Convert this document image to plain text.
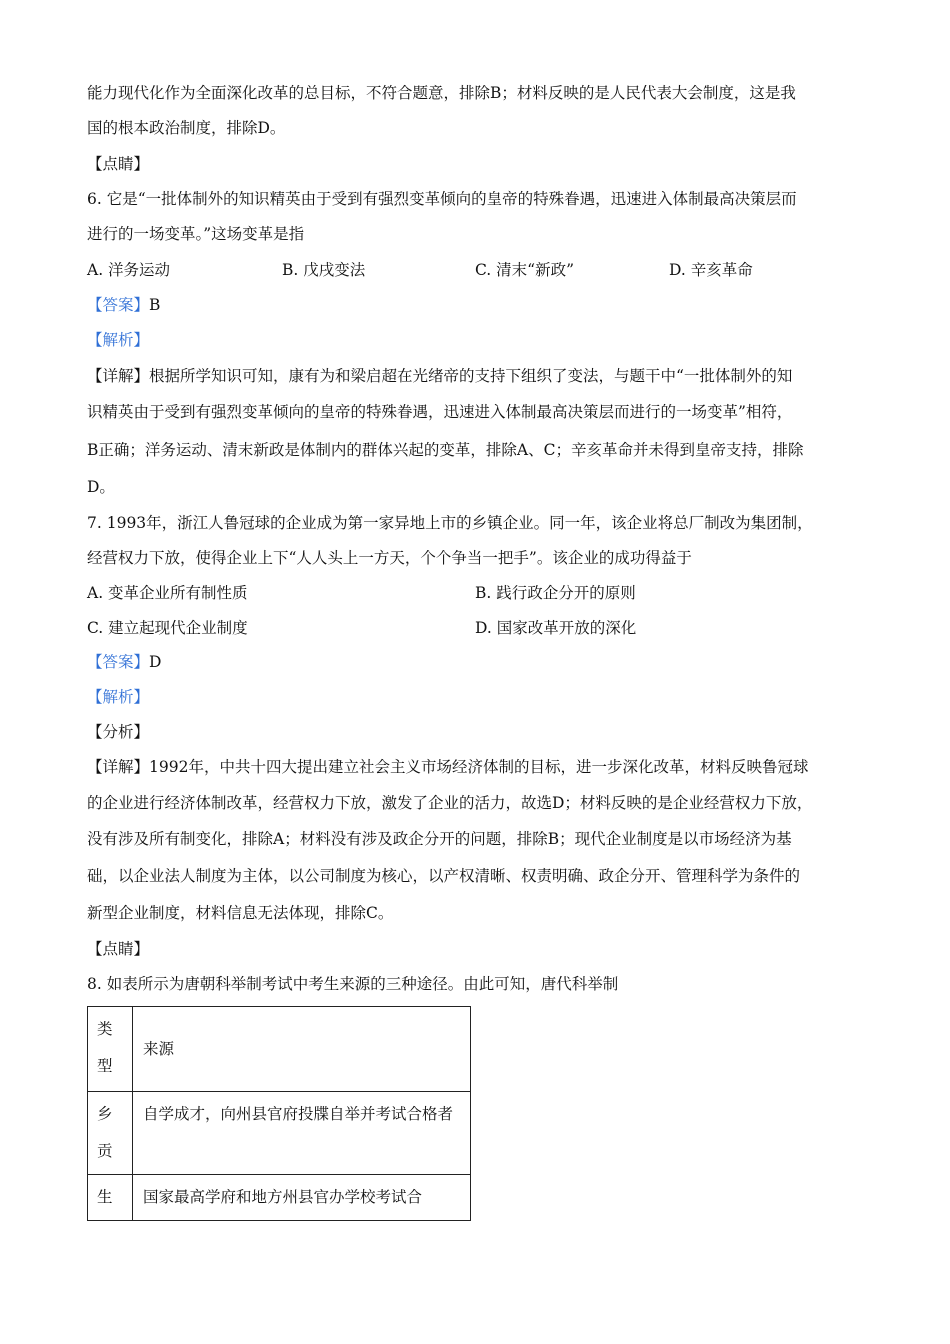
能力现代化作为全面深化改革的总目标，不符合题意，排除B；材料反映的是人民代表大会制度，这是我
国的根本政治制度，排除D。
【点睛】
6. 它是“一批体制外的知识精英由于受到有强烈变革倾向的皇帝的特殊眷遇，迅速进入体制最高决策层而
进行的一场变革。”这场变革是指
A. 洋务运动	B. 戊戌变法	C. 清末“新政”	D. 辛亥革命
【答案】B
【解析】
【详解】根据所学知识可知，康有为和梁启超在光绪帝的支持下组织了变法，与题干中“一批体制外的知
识精英由于受到有强烈变革倾向的皇帝的特殊眷遇，迅速进入体制最高决策层而进行的一场变革”相符，
B正确；洋务运动、清末新政是体制内的群体兴起的变革，排除A、C；辛亥革命并未得到皇帝支持，排除
D。
7. 1993年，浙江人鲁冠球的企业成为第一家异地上市的乡镇企业。同一年，该企业将总厂制改为集团制，
经营权力下放，使得企业上下“人人头上一方天，个个争当一把手”。该企业的成功得益于
A. 变革企业所有制性质	B. 践行政企分开的原则
C. 建立起现代企业制度	D. 国家改革开放的深化
【答案】D
【解析】
【分析】
【详解】1992年，中共十四大提出建立社会主义市场经济体制的目标，进一步深化改革，材料反映鲁冠球
的企业进行经济体制改革，经营权力下放，激发了企业的活力，故选D；材料反映的是企业经营权力下放，
没有涉及所有制变化，排除A；材料没有涉及政企分开的问题，排除B；现代企业制度是以市场经济为基
础，以企业法人制度为主体，以公司制度为核心，以产权清晰、权责明确、政企分开、管理科学为条件的
新型企业制度，材料信息无法体现，排除C。
【点睛】
8. 如表所示为唐朝科举制考试中考生来源的三种途径。由此可知，唐代科举制
类型	来源
乡贡	自学成才，向州县官府投牒自举并考试合格者
生	国家最高学府和地方州县官办学校考试合
